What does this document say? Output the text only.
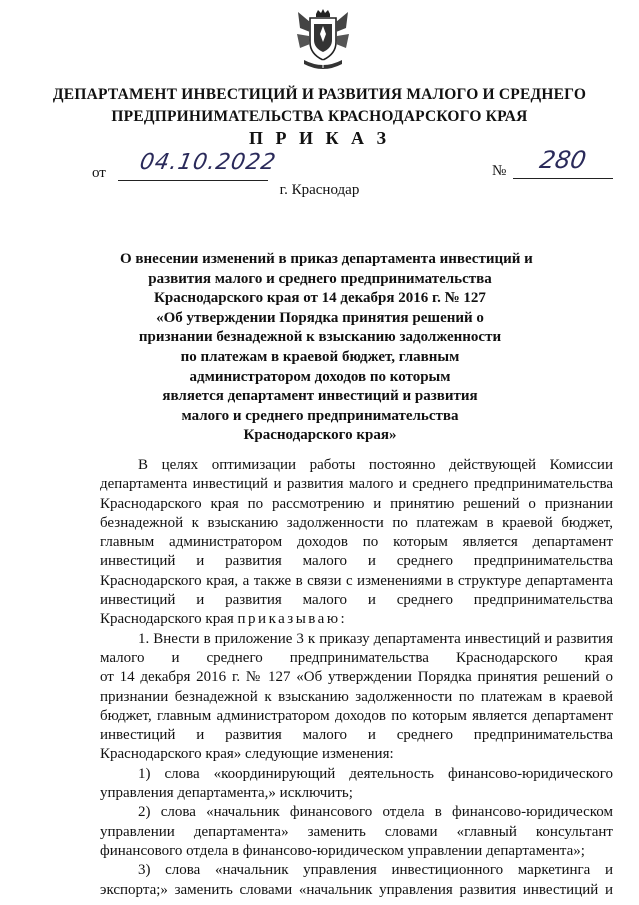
ДЕПАРТАМЕНТ ИНВЕСТИЦИЙ И РАЗВИТИЯ МАЛОГО И СРЕДНЕГО
ПРЕДПРИНИМАТЕЛЬСТВА КРАСНОДАРСКОГО КРАЯ
П Р И К А З
от 04.10.2022	№ 280
г. Краснодар
О внесении изменений в приказ департамента инвестиций и
развития малого и среднего предпринимательства
Краснодарского края от 14 декабря 2016 г. № 127
«Об утверждении Порядка принятия решений о
признании безнадежной к взысканию задолженности
по платежам в краевой бюджет, главным
администратором доходов по которым
является департамент инвестиций и развития
малого и среднего предпринимательства
Краснодарского края»
В целях оптимизации работы постоянно действующей Комиссии
департамента инвестиций и развития малого и среднего предпринимательства
Краснодарского края по рассмотрению и принятию решений о признании
безнадежной к взысканию задолженности по платежам в краевой бюджет,
главным администратором доходов по которым является департамент
инвестиций и развития малого и среднего предпринимательства
Краснодарского края, а также в связи с изменениями в структуре департамента
инвестиций и развития малого и среднего предпринимательства
Краснодарского края приказываю:
1. Внести в приложение 3 к приказу департамента инвестиций и развития
малого и среднего предпринимательства Краснодарского края
от 14 декабря 2016 г. № 127 «Об утверждении Порядка принятия решений о
признании безнадежной к взысканию задолженности по платежам в краевой
бюджет, главным администратором доходов по которым является департамент
инвестиций и развития малого и среднего предпринимательства
Краснодарского края» следующие изменения:
1) слова «координирующий деятельность финансово-юридического
управления департамента,» исключить;
2) слова «начальник финансового отдела в финансово-юридическом
управлении департамента» заменить словами «главный консультант
финансового отдела в финансово-юридическом управлении департамента»;
3) слова «начальник управления инвестиционного маркетинга и
экспорта;» заменить словами «начальник управления развития инвестиций и
